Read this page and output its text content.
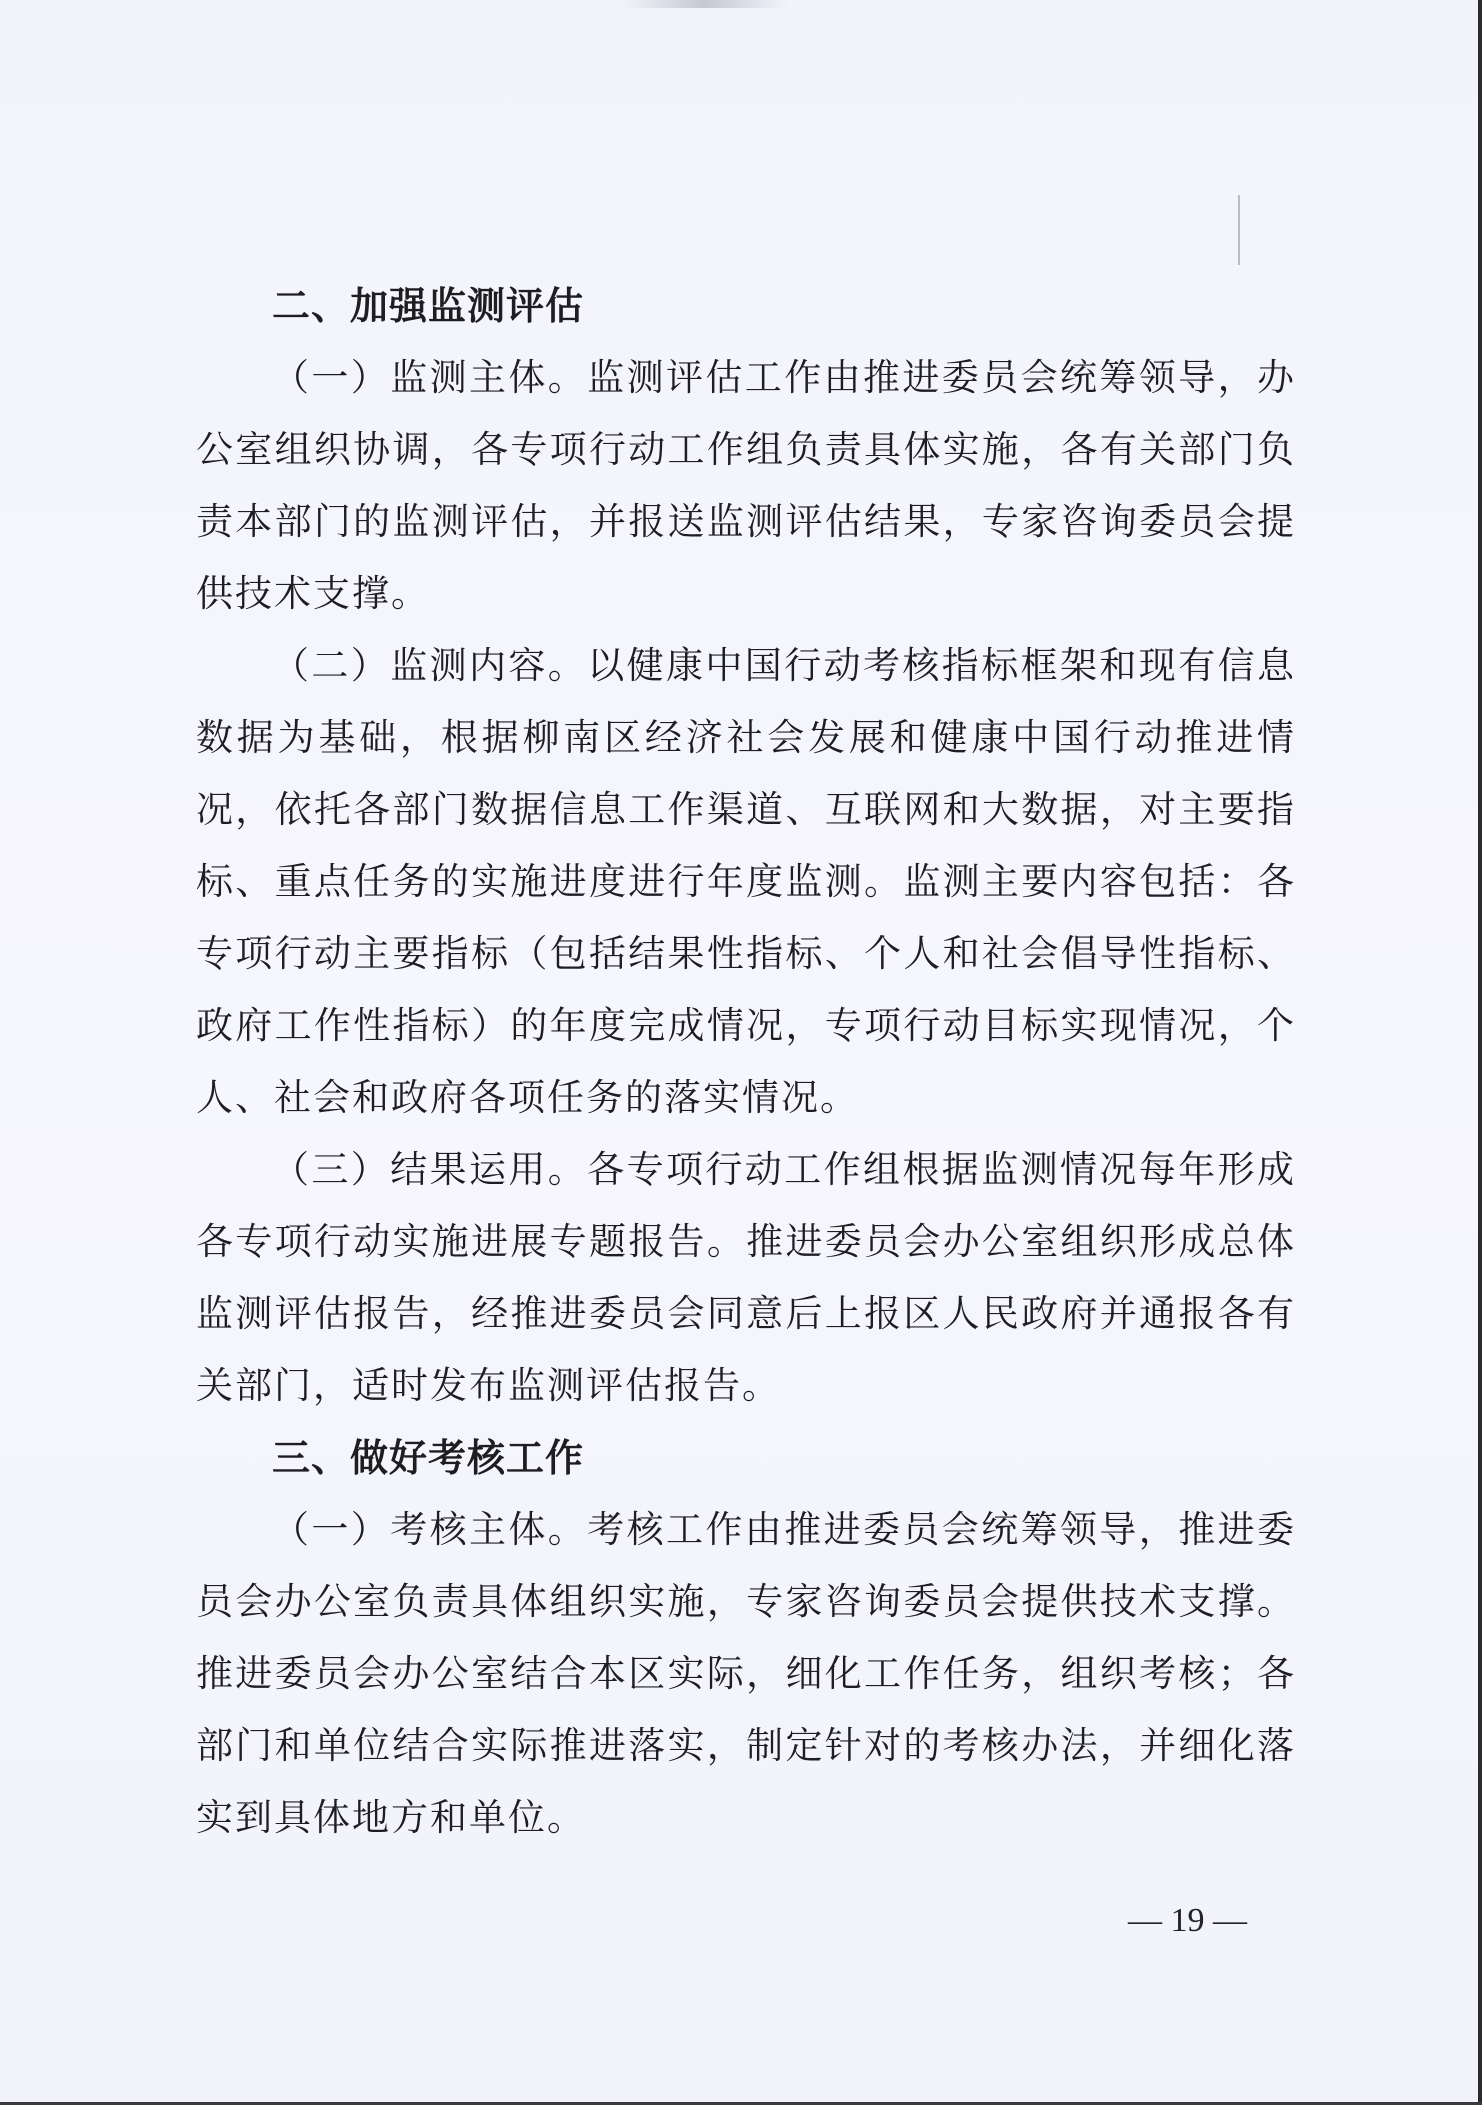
二、加强监测评估

（一）监测主体。监测评估工作由推进委员会统筹领导，办公室组织协调，各专项行动工作组负责具体实施，各有关部门负责本部门的监测评估，并报送监测评估结果，专家咨询委员会提供技术支撑。

（二）监测内容。以健康中国行动考核指标框架和现有信息数据为基础，根据柳南区经济社会发展和健康中国行动推进情况，依托各部门数据信息工作渠道、互联网和大数据，对主要指标、重点任务的实施进度进行年度监测。监测主要内容包括：各专项行动主要指标（包括结果性指标、个人和社会倡导性指标、政府工作性指标）的年度完成情况，专项行动目标实现情况，个人、社会和政府各项任务的落实情况。

（三）结果运用。各专项行动工作组根据监测情况每年形成各专项行动实施进展专题报告。推进委员会办公室组织形成总体监测评估报告，经推进委员会同意后上报区人民政府并通报各有关部门，适时发布监测评估报告。

三、做好考核工作

（一）考核主体。考核工作由推进委员会统筹领导，推进委员会办公室负责具体组织实施，专家咨询委员会提供技术支撑。推进委员会办公室结合本区实际，细化工作任务，组织考核；各部门和单位结合实际推进落实，制定针对的考核办法，并细化落实到具体地方和单位。

— 19 —
